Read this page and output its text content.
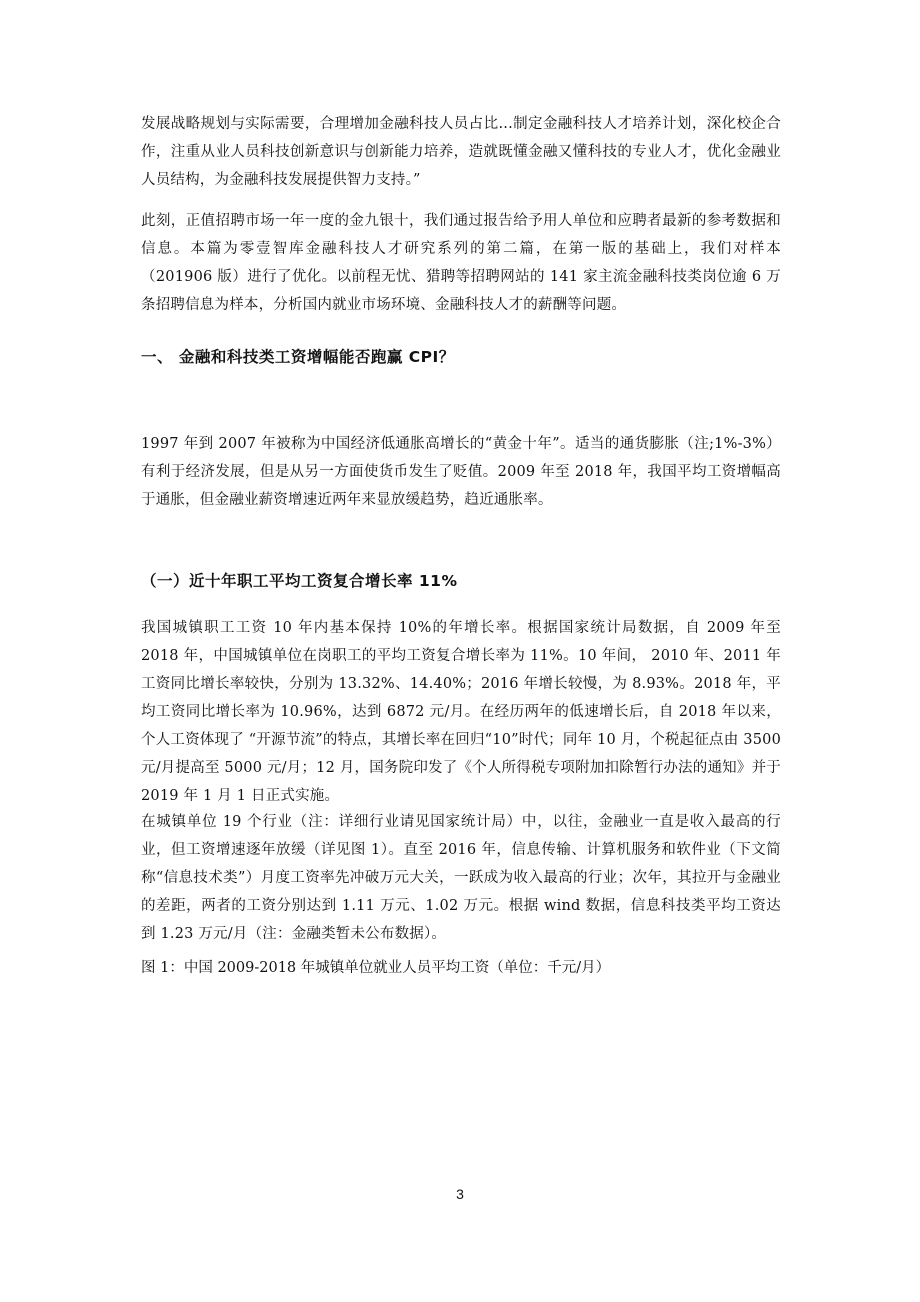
发展战略规划与实际需要，合理增加金融科技人员占比...制定金融科技人才培养计划，深化校企合作，注重从业人员科技创新意识与创新能力培养，造就既懂金融又懂科技的专业人才，优化金融业人员结构，为金融科技发展提供智力支持。”

此刻，正值招聘市场一年一度的金九银十，我们通过报告给予用人单位和应聘者最新的参考数据和信息。本篇为零壹智库金融科技人才研究系列的第二篇，在第一版的基础上，我们对样本（201906 版）进行了优化。以前程无忧、猎聘等招聘网站的 141 家主流金融科技类岗位逾 6 万条招聘信息为样本，分析国内就业市场环境、金融科技人才的薪酬等问题。

一、 金融和科技类工资增幅能否跑赢 CPI？

1997 年到 2007 年被称为中国经济低通胀高增长的“黄金十年”。适当的通货膨胀（注;1%-3%）有利于经济发展，但是从另一方面使货币发生了贬值。2009 年至 2018 年，我国平均工资增幅高于通胀，但金融业薪资增速近两年来显放缓趋势，趋近通胀率。

（一）近十年职工平均工资复合增长率 11%

我国城镇职工工资 10 年内基本保持 10%的年增长率。根据国家统计局数据，自 2009 年至 2018 年，中国城镇单位在岗职工的平均工资复合增长率为 11%。10 年间， 2010 年、2011 年工资同比增长率较快，分别为 13.32%、14.40%；2016 年增长较慢，为 8.93%。2018 年，平均工资同比增长率为 10.96%，达到 6872 元/月。在经历两年的低速增长后，自 2018 年以来，个人工资体现了 “开源节流”的特点，其增长率在回归“10”时代；同年 10 月，个税起征点由 3500 元/月提高至 5000 元/月；12 月，国务院印发了《个人所得税专项附加扣除暂行办法的通知》并于 2019 年 1 月 1 日正式实施。

在城镇单位 19 个行业（注：详细行业请见国家统计局）中，以往，金融业一直是收入最高的行业，但工资增速逐年放缓（详见图 1）。直至 2016 年，信息传输、计算机服务和软件业（下文简称“信息技术类”）月度工资率先冲破万元大关，一跃成为收入最高的行业；次年，其拉开与金融业的差距，两者的工资分别达到 1.11 万元、1.02 万元。根据 wind 数据，信息科技类平均工资达到 1.23 万元/月（注：金融类暂未公布数据）。

图 1：中国 2009-2018 年城镇单位就业人员平均工资（单位：千元/月）

3
